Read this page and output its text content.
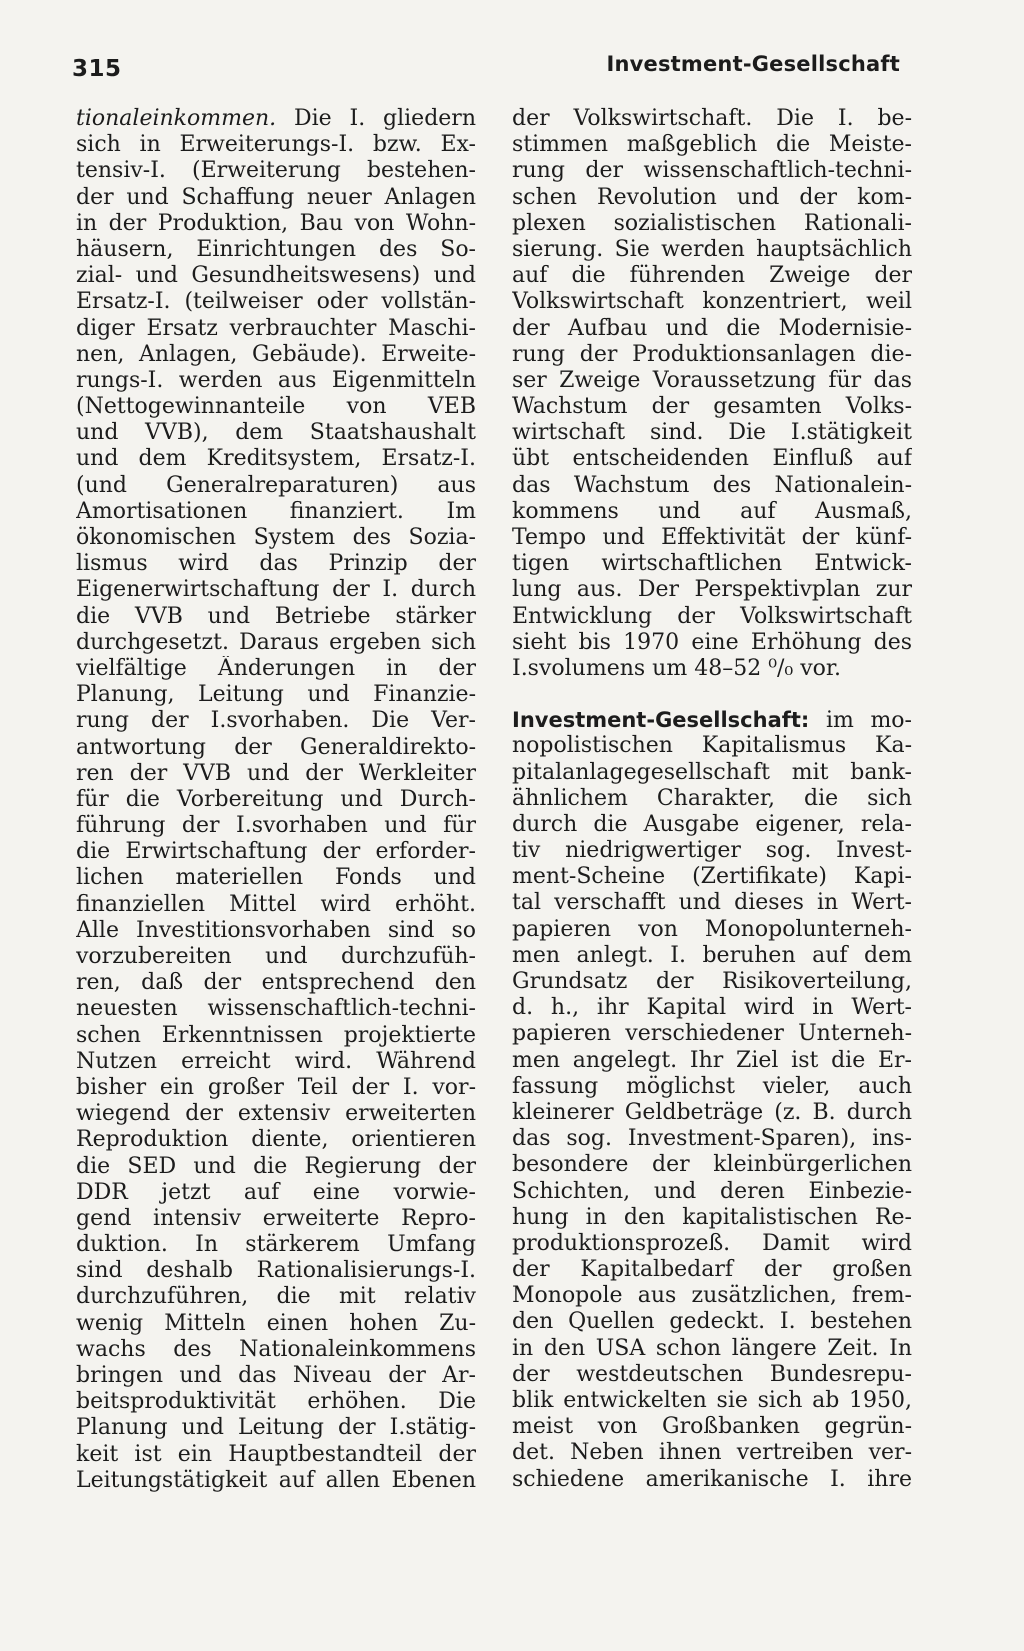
315	Investment-Gesellschaft
tionaleinkommen. Die I. gliedern
sich in Erweiterungs-I. bzw. Ex-
tensiv-I. (Erweiterung bestehen-
der und Schaffung neuer Anlagen
in der Produktion, Bau von Wohn-
häusern, Einrichtungen des So-
zial- und Gesundheitswesens) und
Ersatz-I. (teilweiser oder vollstän-
diger Ersatz verbrauchter Maschi-
nen, Anlagen, Gebäude). Erweite-
rungs-I. werden aus Eigenmitteln
(Nettogewinnanteile von VEB
und VVB), dem Staatshaushalt
und dem Kreditsystem, Ersatz-I.
(und Generalreparaturen) aus
Amortisationen finanziert. Im
ökonomischen System des Sozia-
lismus wird das Prinzip der
Eigenerwirtschaftung der I. durch
die VVB und Betriebe stärker
durchgesetzt. Daraus ergeben sich
vielfältige Änderungen in der
Planung, Leitung und Finanzie-
rung der I.svorhaben. Die Ver-
antwortung der Generaldirekto-
ren der VVB und der Werkleiter
für die Vorbereitung und Durch-
führung der I.svorhaben und für
die Erwirtschaftung der erforder-
lichen materiellen Fonds und
finanziellen Mittel wird erhöht.
Alle Investitionsvorhaben sind so
vorzubereiten und durchzufüh-
ren, daß der entsprechend den
neuesten wissenschaftlich-techni-
schen Erkenntnissen projektierte
Nutzen erreicht wird. Während
bisher ein großer Teil der I. vor-
wiegend der extensiv erweiterten
Reproduktion diente, orientieren
die SED und die Regierung der
DDR jetzt auf eine vorwie-
gend intensiv erweiterte Repro-
duktion. In stärkerem Umfang
sind deshalb Rationalisierungs-I.
durchzuführen, die mit relativ
wenig Mitteln einen hohen Zu-
wachs des Nationaleinkommens
bringen und das Niveau der Ar-
beitsproduktivität erhöhen. Die
Planung und Leitung der I.stätig-
keit ist ein Hauptbestandteil der
Leitungstätigkeit auf allen Ebenen
der Volkswirtschaft. Die I. be-
stimmen maßgeblich die Meiste-
rung der wissenschaftlich-techni-
schen Revolution und der kom-
plexen sozialistischen Rationali-
sierung. Sie werden hauptsächlich
auf die führenden Zweige der
Volkswirtschaft konzentriert, weil
der Aufbau und die Modernisie-
rung der Produktionsanlagen die-
ser Zweige Voraussetzung für das
Wachstum der gesamten Volks-
wirtschaft sind. Die I.stätigkeit
übt entscheidenden Einfluß auf
das Wachstum des Nationalein-
kommens und auf Ausmaß,
Tempo und Effektivität der künf-
tigen wirtschaftlichen Entwick-
lung aus. Der Perspektivplan zur
Entwicklung der Volkswirtschaft
sieht bis 1970 eine Erhöhung des
I.svolumens um 48–52 ⁰/₀ vor.
Investment-Gesellschaft: im mo-
nopolistischen Kapitalismus Ka-
pitalanlagegesellschaft mit bank-
ähnlichem Charakter, die sich
durch die Ausgabe eigener, rela-
tiv niedrigwertiger sog. Invest-
ment-Scheine (Zertifikate) Kapi-
tal verschafft und dieses in Wert-
papieren von Monopolunterneh-
men anlegt. I. beruhen auf dem
Grundsatz der Risikoverteilung,
d. h., ihr Kapital wird in Wert-
papieren verschiedener Unterneh-
men angelegt. Ihr Ziel ist die Er-
fassung möglichst vieler, auch
kleinerer Geldbeträge (z. B. durch
das sog. Investment-Sparen), ins-
besondere der kleinbürgerlichen
Schichten, und deren Einbezie-
hung in den kapitalistischen Re-
produktionsprozeß. Damit wird
der Kapitalbedarf der großen
Monopole aus zusätzlichen, frem-
den Quellen gedeckt. I. bestehen
in den USA schon längere Zeit. In
der westdeutschen Bundesrepu-
blik entwickelten sie sich ab 1950,
meist von Großbanken gegrün-
det. Neben ihnen vertreiben ver-
schiedene amerikanische I. ihre
